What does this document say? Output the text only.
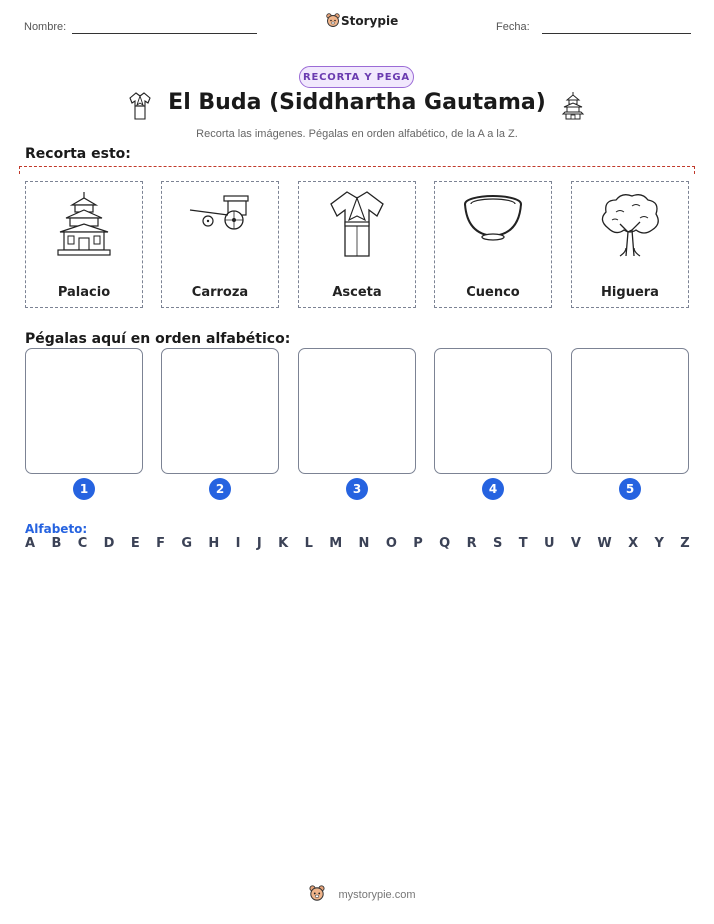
Nombre:	Storypie	Fecha:
RECORTA Y PEGA
El Buda (Siddhartha Gautama)
Recorta las imágenes. Pégalas en orden alfabético, de la A a la Z.
Recorta esto:
Palacio	Carroza	Asceta	Cuenco	Higuera
Pégalas aquí en orden alfabético:
1	2	3	4	5
Alfabeto:
A B C D E F G H I J K L M N O P Q R S T U V W X Y Z
mystorypie.com
